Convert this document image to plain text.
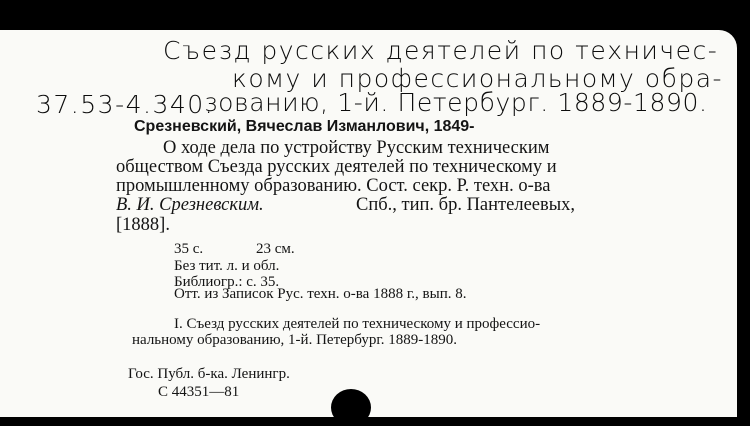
Съезд русских деятелей по техничес-
кому и профессиональному обра-
37.53-4.340.
зованию, 1-й. Петербург. 1889-1890.
Срезневский, Вячеслав Изманлович, 1849-
О ходе дела по устройству Русским техническим
обществом Съезда русских деятелей по техническому и
промышленному образованию. Сост. секр. Р. техн. о-ва
В. И. Срезневским.	Спб., тип. бр. Пантелеевых,
[1888].
35 с.	23 см.
Без тит. л. и обл.
Библиогр.: с. 35.
Отт. из Записок Рус. техн. о-ва 1888 г., вып. 8.
I. Съезд русских деятелей по техническому и профессио-
нальному образованию, 1-й. Петербург. 1889-1890.
Гос. Публ. б-ка. Ленингр.
С 44351—81
